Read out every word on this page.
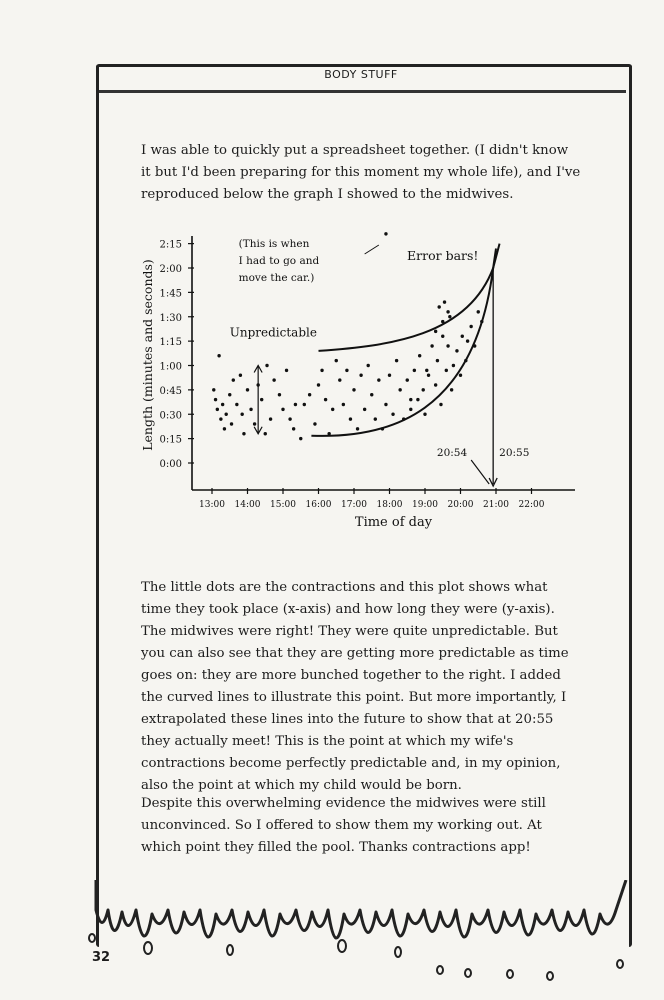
BODY STUFF

I was able to quickly put a spreadsheet together. (I didn't know it but I'd been preparing for this moment my whole life), and I've reproduced below the graph I showed to the midwives.

0:00
0:15
0:30
0:45
1:00
1:15
1:30
1:45
2:00
2:15
13:00 14:00 15:00 16:00 17:00 18:00 19:00 20:00 21:00 22:00
Time of day
Length (minutes and seconds)	Unpredictable
(This is when
I had to go and
move the car.)
Error bars!
20:54	20:55

The little dots are the contractions and this plot shows what time they took place (x-axis) and how long they were (y-axis). The midwives were right! They were quite unpredictable. But you can also see that they are getting more predictable as time goes on: they are more bunched together to the right. I added the curved lines to illustrate this point. But more importantly, I extrapolated these lines into the future to show that at 20:55 they actually meet! This is the point at which my wife's contractions become perfectly predictable and, in my opinion, also the point at which my child would be born.

Despite this overwhelming evidence the midwives were still unconvinced. So I offered to show them my working out. At which point they filled the pool. Thanks contractions app!

32
